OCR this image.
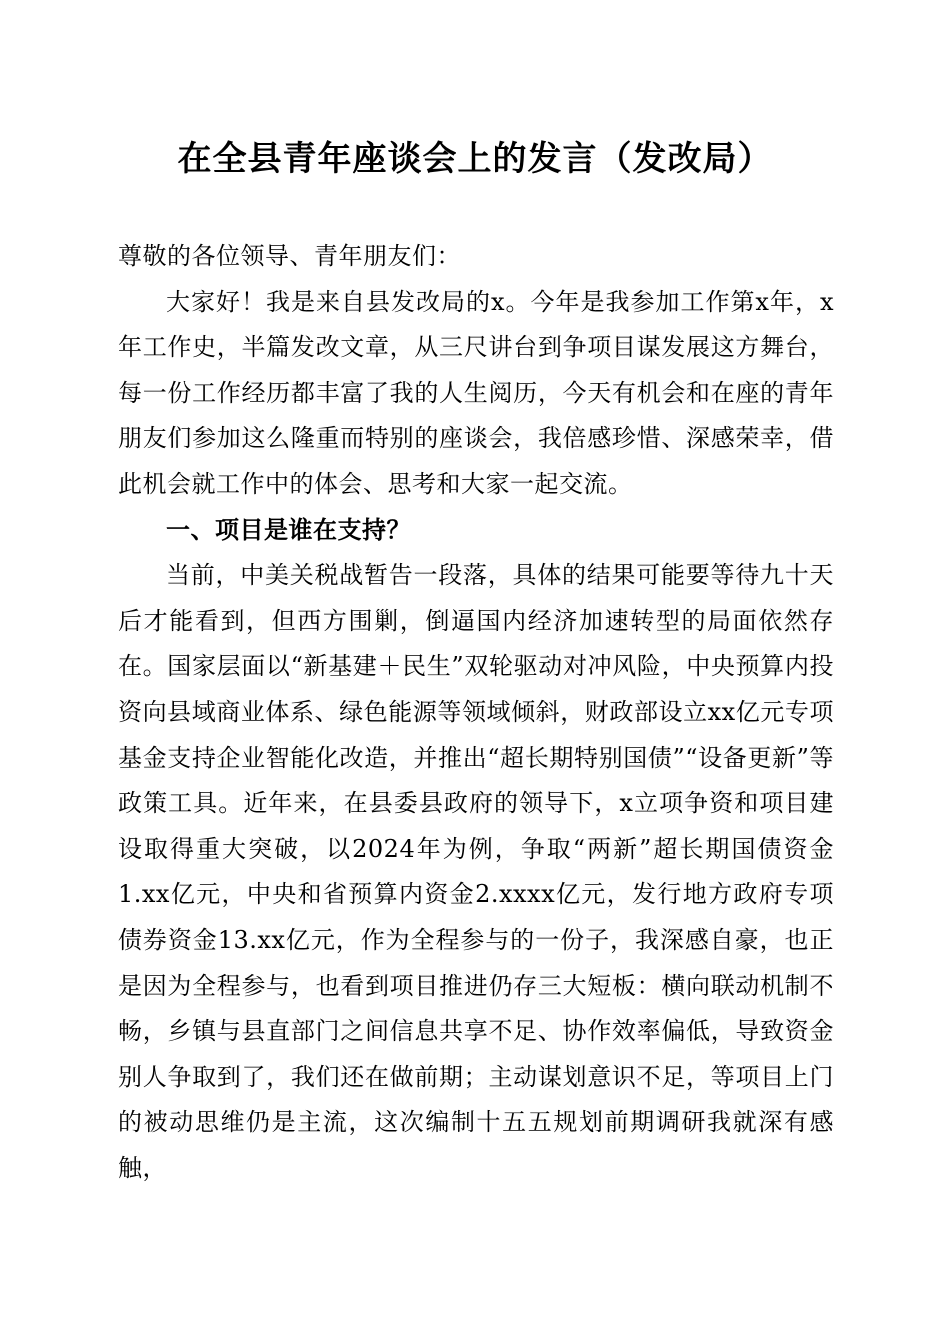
在全县青年座谈会上的发言（发改局）

尊敬的各位领导、青年朋友们：

大家好！我是来自县发改局的x。今年是我参加工作第x年，x年工作史，半篇发改文章，从三尺讲台到争项目谋发展这方舞台，每一份工作经历都丰富了我的人生阅历，今天有机会和在座的青年朋友们参加这么隆重而特别的座谈会，我倍感珍惜、深感荣幸，借此机会就工作中的体会、思考和大家一起交流。

一、项目是谁在支持？

当前，中美关税战暂告一段落，具体的结果可能要等待九十天后才能看到，但西方围剿，倒逼国内经济加速转型的局面依然存在。国家层面以“新基建＋民生”双轮驱动对冲风险，中央预算内投资向县域商业体系、绿色能源等领域倾斜，财政部设立xx亿元专项基金支持企业智能化改造，并推出“超长期特别国债”“设备更新”等政策工具。近年来，在县委县政府的领导下，x立项争资和项目建设取得重大突破，以2024年为例，争取“两新”超长期国债资金1.xx亿元，中央和省预算内资金2.xxxx亿元，发行地方政府专项债券资金13.xx亿元，作为全程参与的一份子，我深感自豪，也正是因为全程参与，也看到项目推进仍存三大短板：横向联动机制不畅，乡镇与县直部门之间信息共享不足、协作效率偏低，导致资金别人争取到了，我们还在做前期；主动谋划意识不足，等项目上门的被动思维仍是主流，这次编制十五五规划前期调研我就深有感触，
